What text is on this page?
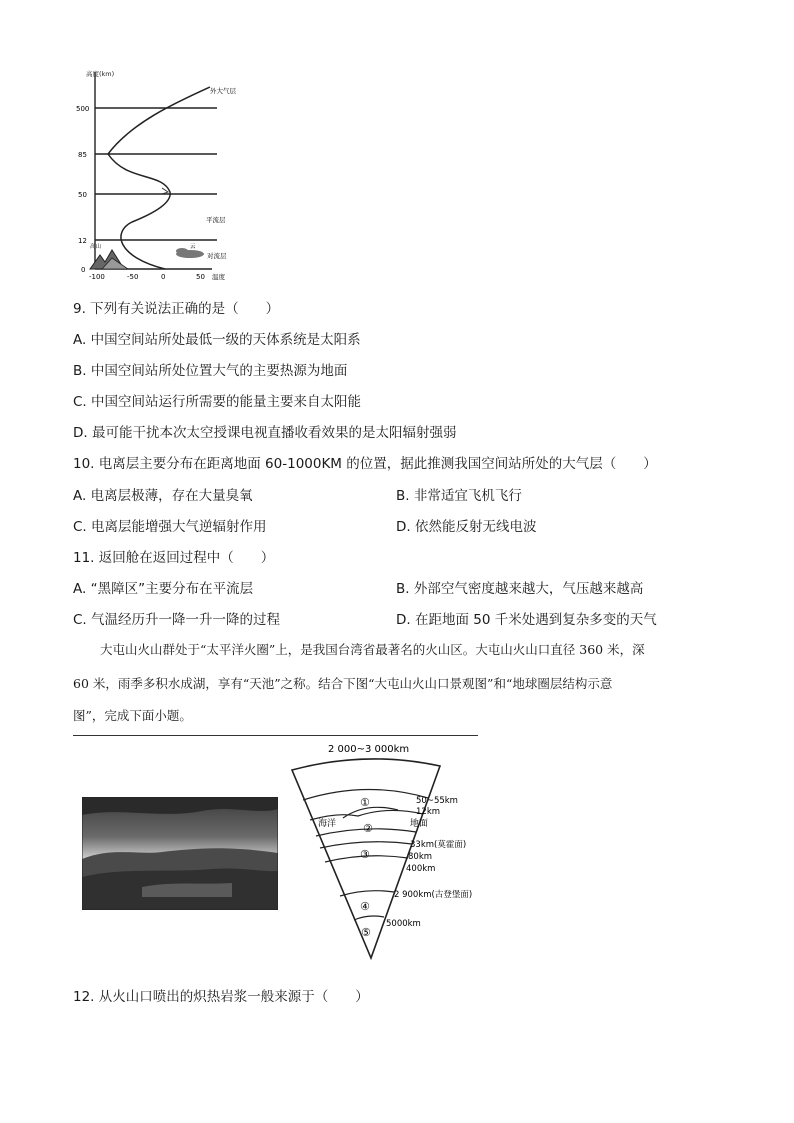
高度(km)
500
85
50
12
0
-100	-50	0	50 温度
外大气层
平流层
对流层
高山	云
9. 下列有关说法正确的是（　　）
A. 中国空间站所处最低一级的天体系统是太阳系
B. 中国空间站所处位置大气的主要热源为地面
C. 中国空间站运行所需要的能量主要来自太阳能
D. 最可能干扰本次太空授课电视直播收看效果的是太阳辐射强弱
10. 电离层主要分布在距离地面 60-1000KM 的位置，据此推测我国空间站所处的大气层（　　）
A. 电离层极薄，存在大量臭氧	B. 非常适宜飞机飞行
C. 电离层能增强大气逆辐射作用	D. 依然能反射无线电波
11. 返回舱在返回过程中（　　）
A. “黑障区”主要分布在平流层	B. 外部空气密度越来越大，气压越来越高
C. 气温经历升一降一升一降的过程	D. 在距地面 50 千米处遇到复杂多变的天气
大屯山火山群处于“太平洋火圈”上，是我国台湾省最著名的火山区。大屯山火山口直径 360 米，深
60 米，雨季多积水成湖，享有“天池”之称。结合下图“大屯山火山口景观图”和“地球圈层结构示意
图”，完成下面小题。
2 000~3 000km
①
②
③
④
⑤
海洋	地面
50~55km
12km
33km(莫霍面)
80km
400km
2 900km(古登堡面)
5000km
12. 从火山口喷出的炽热岩浆一般来源于（　　）
